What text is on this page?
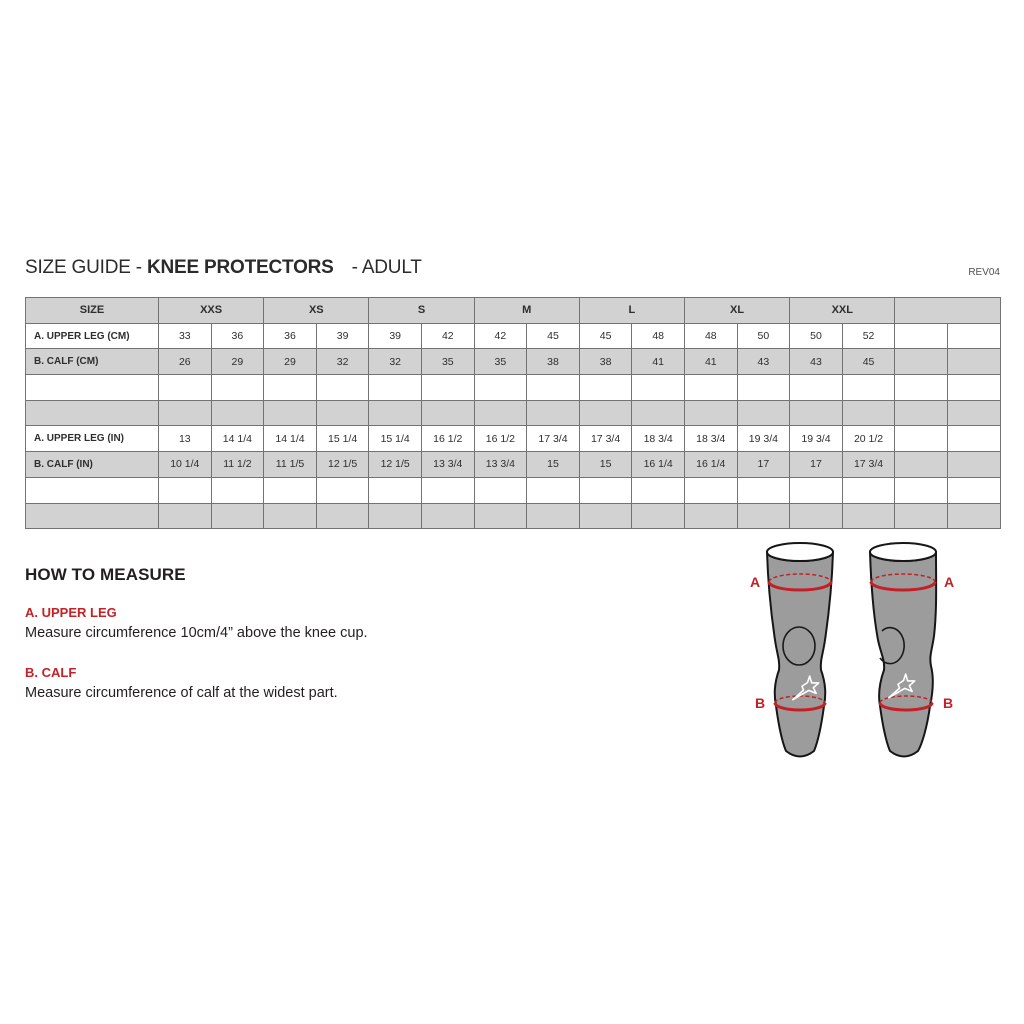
SIZE GUIDE - KNEE PROTECTORS - ADULT	REV04
SIZE	XXS		XS		S		M		L		XL		XXL			
A. UPPER LEG (CM)	33	36	36	39	39	42	42	45	45	48	48	50	50	52		
B. CALF (CM)	26	29	29	32	32	35	35	38	38	41	41	43	43	45		

A. UPPER LEG (IN)	13	14 1/4	14 1/4	15 1/4	15 1/4	16 1/2	16 1/2	17 3/4	17 3/4	18 3/4	18 3/4	19 3/4	19 3/4	20 1/2		
B. CALF (IN)	10 1/4	11 1/2	11 1/5	12 1/5	12 1/5	13 3/4	13 3/4	15	15	16 1/4	16 1/4	17	17	17 3/4		

HOW TO MEASURE
A. UPPER LEG
Measure circumference 10cm/4” above the knee cup.
B. CALF
Measure circumference of calf at the widest part.
A
B
A
B
